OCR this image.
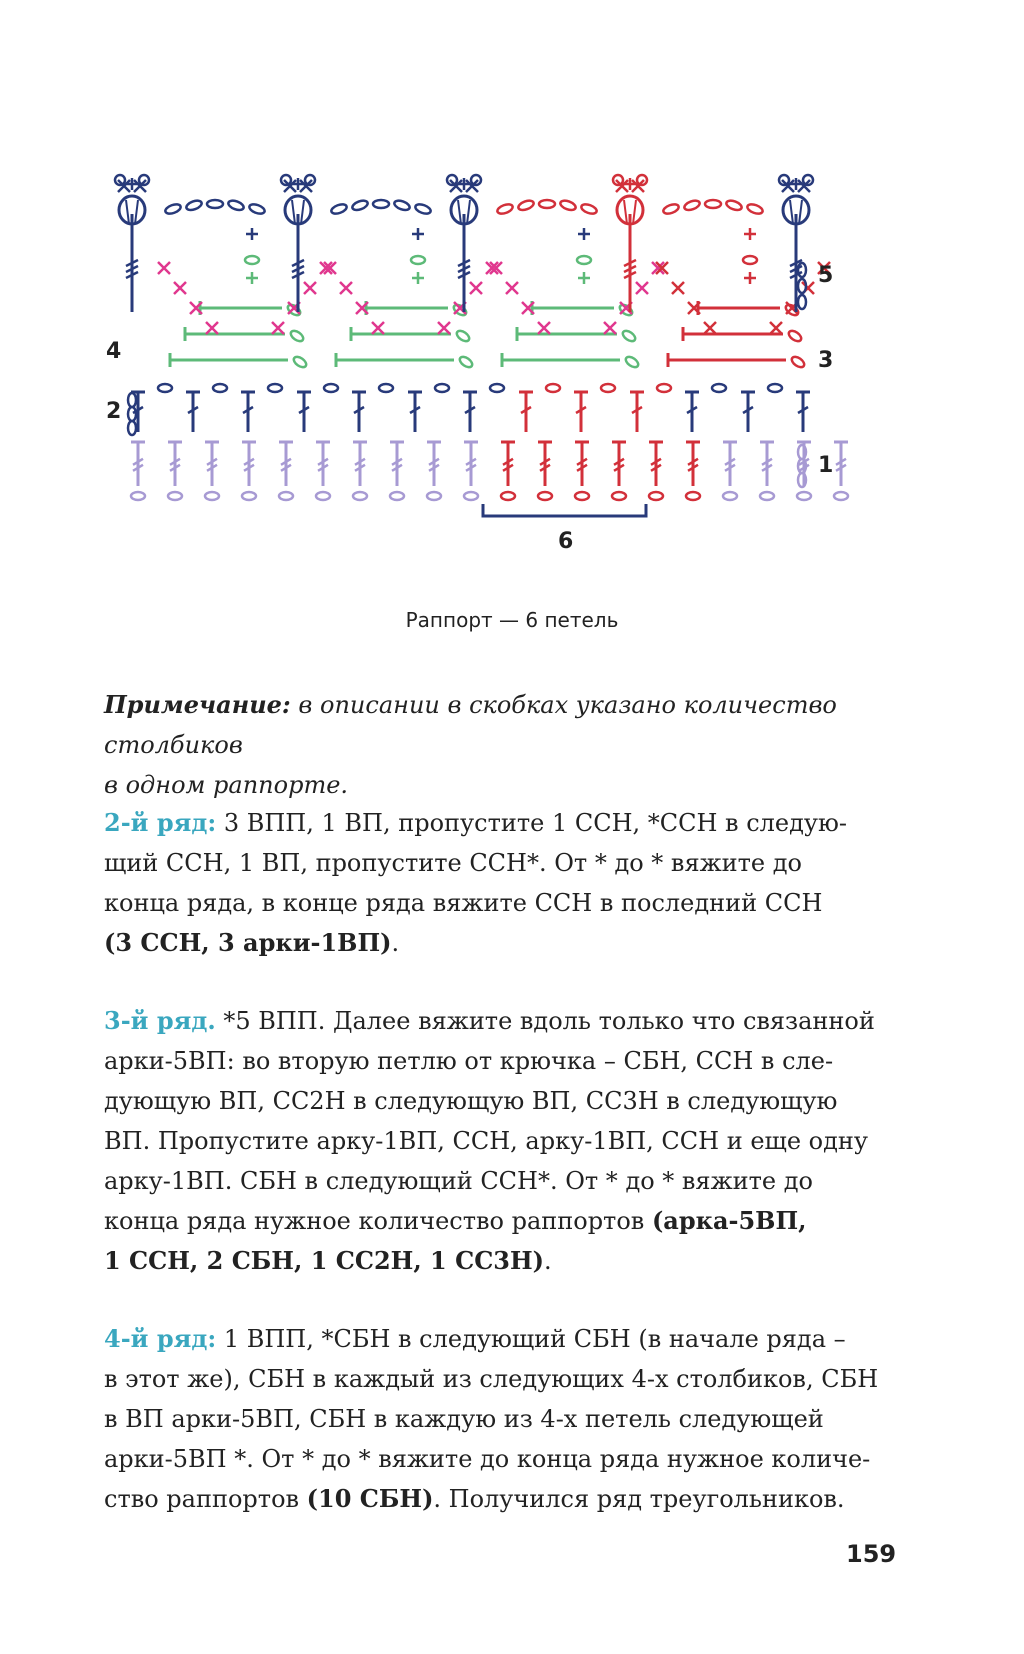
1
2
3
4
5
6
Раппорт — 6 петель

Примечание: в описании в скобках указано количество столбиков

в одном раппорте.

2-й ряд: 3 ВПП, 1 ВП, пропустите 1 ССН, *ССН в следую-

щий ССН, 1 ВП, пропустите ССН*. От * до * вяжите до

конца ряда, в конце ряда вяжите ССН в последний ССН

(3 ССН, 3 арки-1ВП).

3-й ряд. *5 ВПП. Далее вяжите вдоль только что связанной

арки-5ВП: во вторую петлю от крючка – СБН, ССН в сле-

дующую ВП, СС2Н в следующую ВП, СС3Н в следующую

ВП. Пропустите арку-1ВП, ССН, арку-1ВП, ССН и еще одну

арку-1ВП. СБН в следующий ССН*. От * до * вяжите до

конца ряда нужное количество раппортов (арка-5ВП,

1 ССН, 2 СБН, 1 СС2Н, 1 СС3Н).

4-й ряд: 1 ВПП, *СБН в следующий СБН (в начале ряда –

в этот же), СБН в каждый из следующих 4-х столбиков, СБН

в ВП арки-5ВП, СБН в каждую из 4-х петель следующей

арки-5ВП *. От * до * вяжите до конца ряда нужное количе-

ство раппортов (10 СБН). Получился ряд треугольников.

159
